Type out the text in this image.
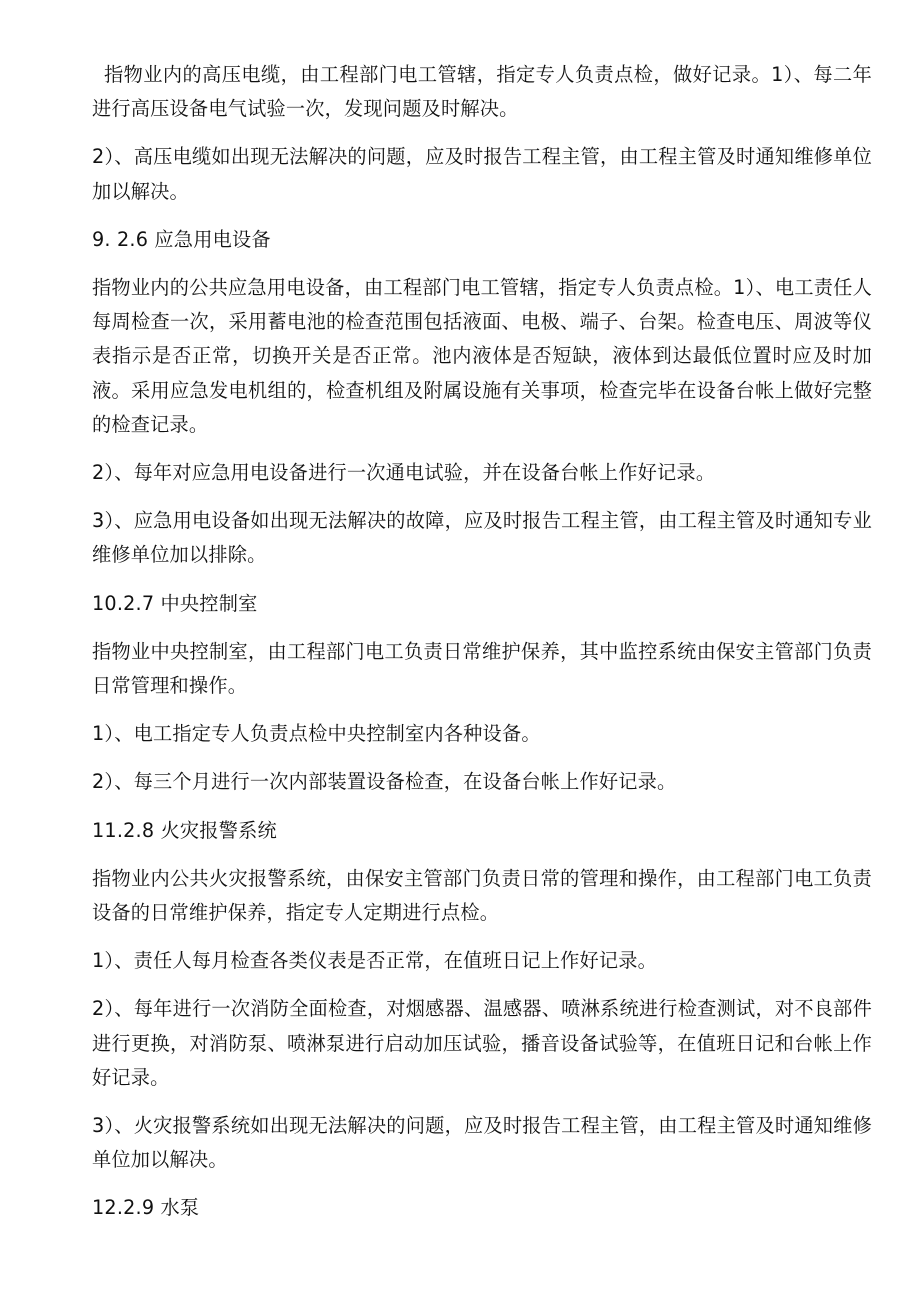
指物业内的高压电缆，由工程部门电工管辖，指定专人负责点检，做好记录。1）、每二年进行高压设备电气试验一次，发现问题及时解决。

2）、高压电缆如出现无法解决的问题，应及时报告工程主管，由工程主管及时通知维修单位加以解决。

9. 2.6 应急用电设备

指物业内的公共应急用电设备，由工程部门电工管辖，指定专人负责点检。1）、电工责任人每周检查一次，采用蓄电池的检查范围包括液面、电极、端子、台架。检查电压、周波等仪表指示是否正常，切换开关是否正常。池内液体是否短缺，液体到达最低位置时应及时加液。采用应急发电机组的，检查机组及附属设施有关事项，检查完毕在设备台帐上做好完整的检查记录。

2）、每年对应急用电设备进行一次通电试验，并在设备台帐上作好记录。

3）、应急用电设备如出现无法解决的故障，应及时报告工程主管，由工程主管及时通知专业维修单位加以排除。

10.2.7 中央控制室

指物业中央控制室，由工程部门电工负责日常维护保养，其中监控系统由保安主管部门负责日常管理和操作。

1）、电工指定专人负责点检中央控制室内各种设备。

2）、每三个月进行一次内部装置设备检查，在设备台帐上作好记录。

11.2.8 火灾报警系统

指物业内公共火灾报警系统，由保安主管部门负责日常的管理和操作，由工程部门电工负责设备的日常维护保养，指定专人定期进行点检。

1）、责任人每月检查各类仪表是否正常，在值班日记上作好记录。

2）、每年进行一次消防全面检查，对烟感器、温感器、喷淋系统进行检查测试，对不良部件进行更换，对消防泵、喷淋泵进行启动加压试验，播音设备试验等，在值班日记和台帐上作好记录。

3）、火灾报警系统如出现无法解决的问题，应及时报告工程主管，由工程主管及时通知维修单位加以解决。

12.2.9 水泵
